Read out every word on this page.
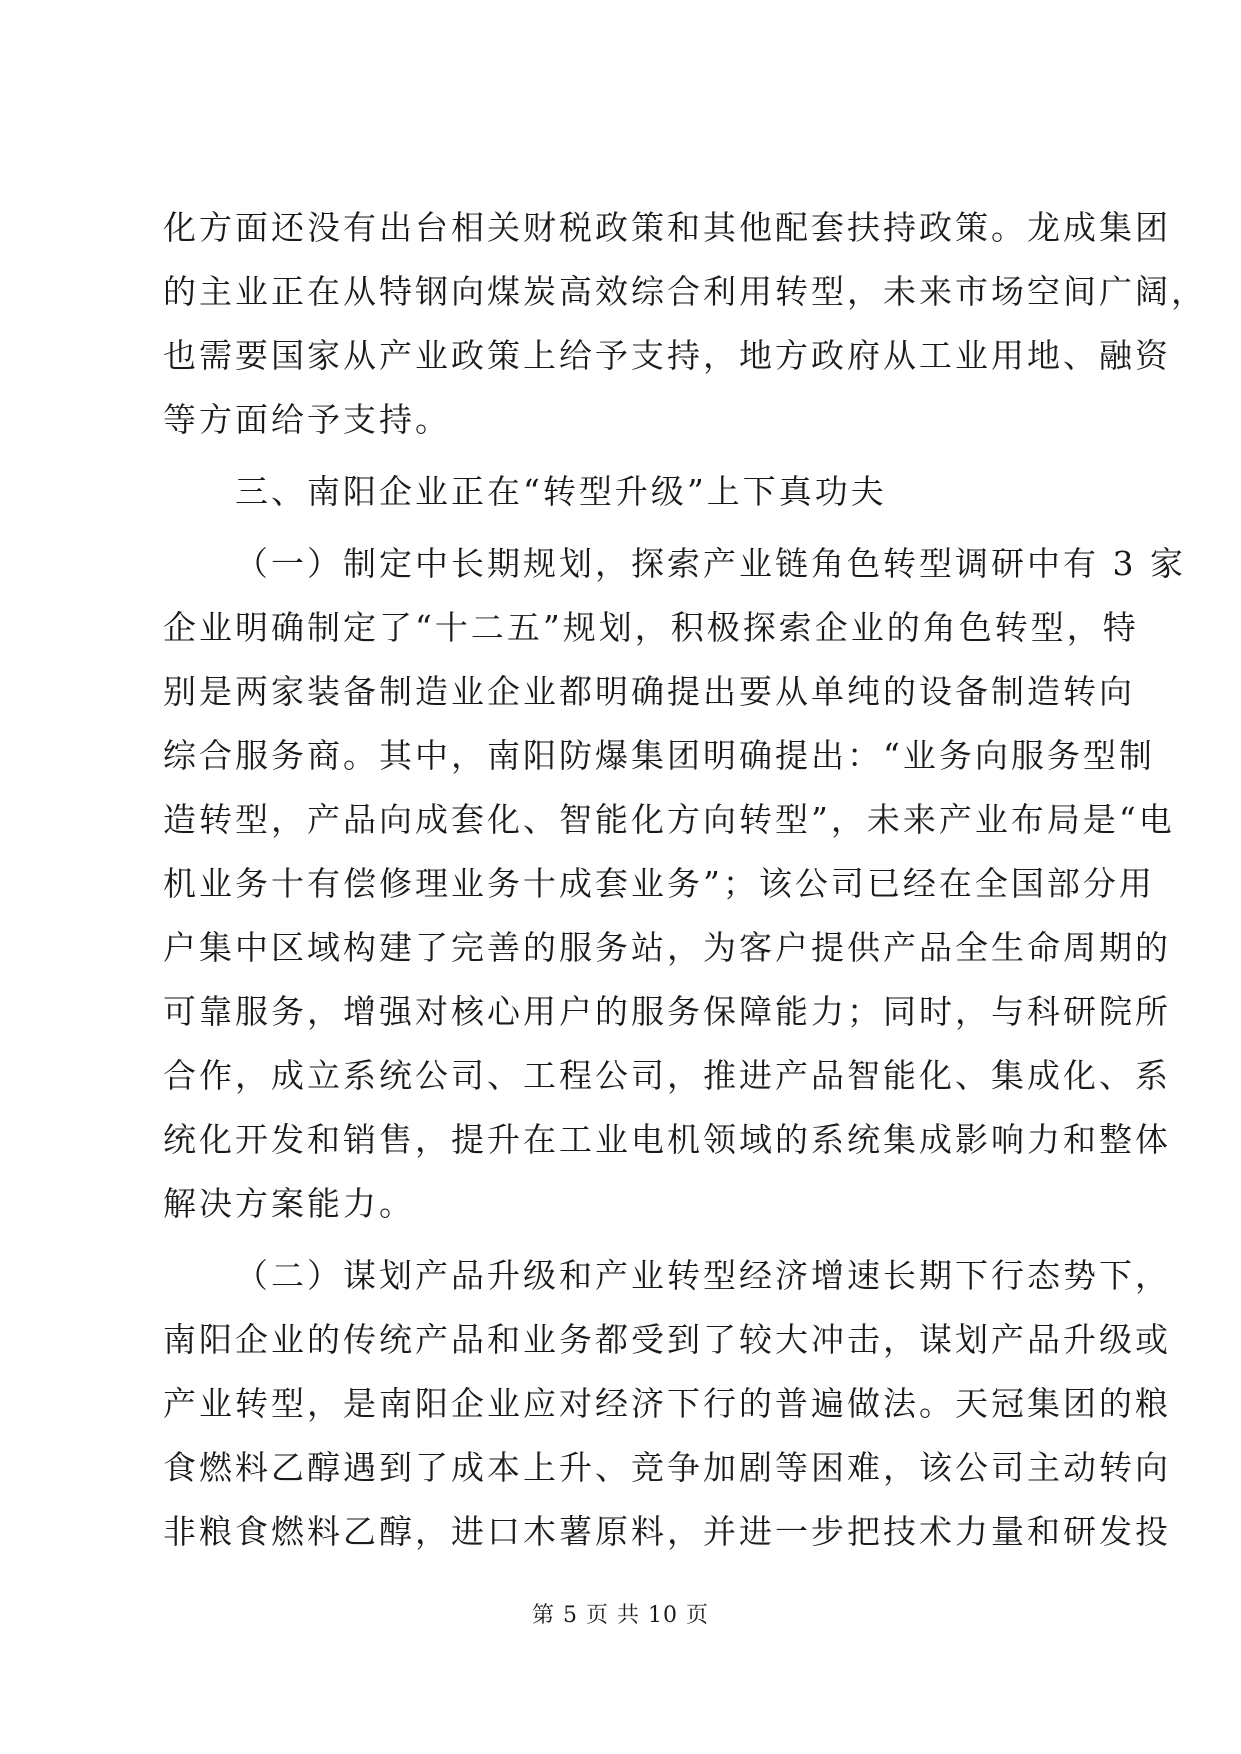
化方面还没有出台相关财税政策和其他配套扶持政策。龙成集团
的主业正在从特钢向煤炭高效综合利用转型，未来市场空间广阔，
也需要国家从产业政策上给予支持，地方政府从工业用地、融资
等方面给予支持。
三、南阳企业正在“转型升级”上下真功夫
（一）制定中长期规划，探索产业链角色转型调研中有 3 家
企业明确制定了“十二五”规划，积极探索企业的角色转型，特
别是两家装备制造业企业都明确提出要从单纯的设备制造转向
综合服务商。其中，南阳防爆集团明确提出：“业务向服务型制
造转型，产品向成套化、智能化方向转型”，未来产业布局是“电
机业务十有偿修理业务十成套业务”；该公司已经在全国部分用
户集中区域构建了完善的服务站，为客户提供产品全生命周期的
可靠服务，增强对核心用户的服务保障能力；同时，与科研院所
合作，成立系统公司、工程公司，推进产品智能化、集成化、系
统化开发和销售，提升在工业电机领域的系统集成影响力和整体
解决方案能力。
（二）谋划产品升级和产业转型经济增速长期下行态势下，
南阳企业的传统产品和业务都受到了较大冲击，谋划产品升级或
产业转型，是南阳企业应对经济下行的普遍做法。天冠集团的粮
食燃料乙醇遇到了成本上升、竞争加剧等困难，该公司主动转向
非粮食燃料乙醇，进口木薯原料，并进一步把技术力量和研发投
第 5 页 共 10 页
